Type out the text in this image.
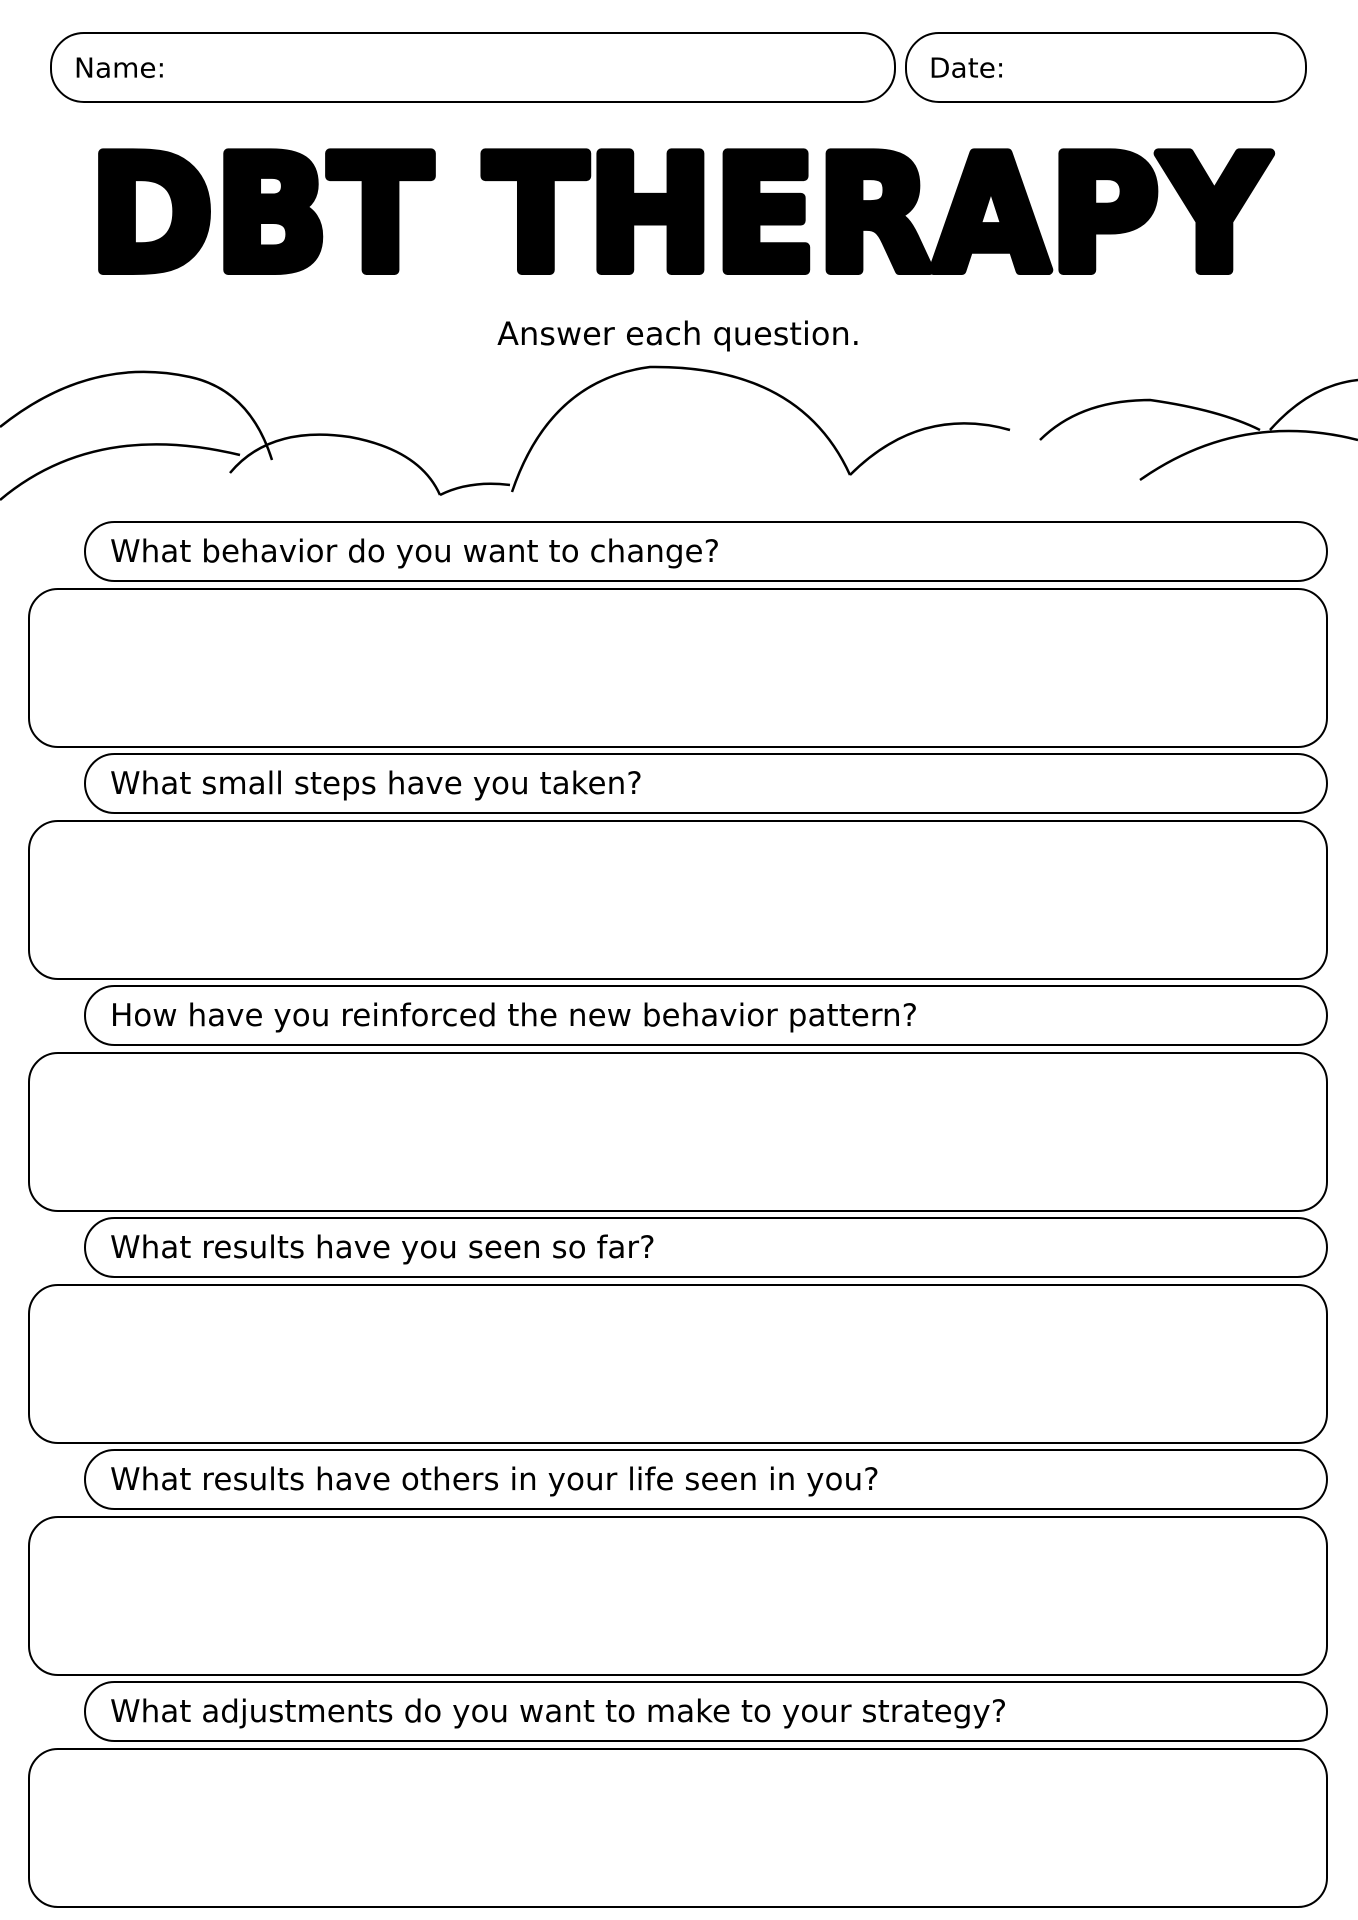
Name:	Date:
DBT THERAPY
Answer each question.
What behavior do you want to change?
What small steps have you taken?
How have you reinforced the new behavior pattern?
What results have you seen so far?
What results have others in your life seen in you?
What adjustments do you want to make to your strategy?
